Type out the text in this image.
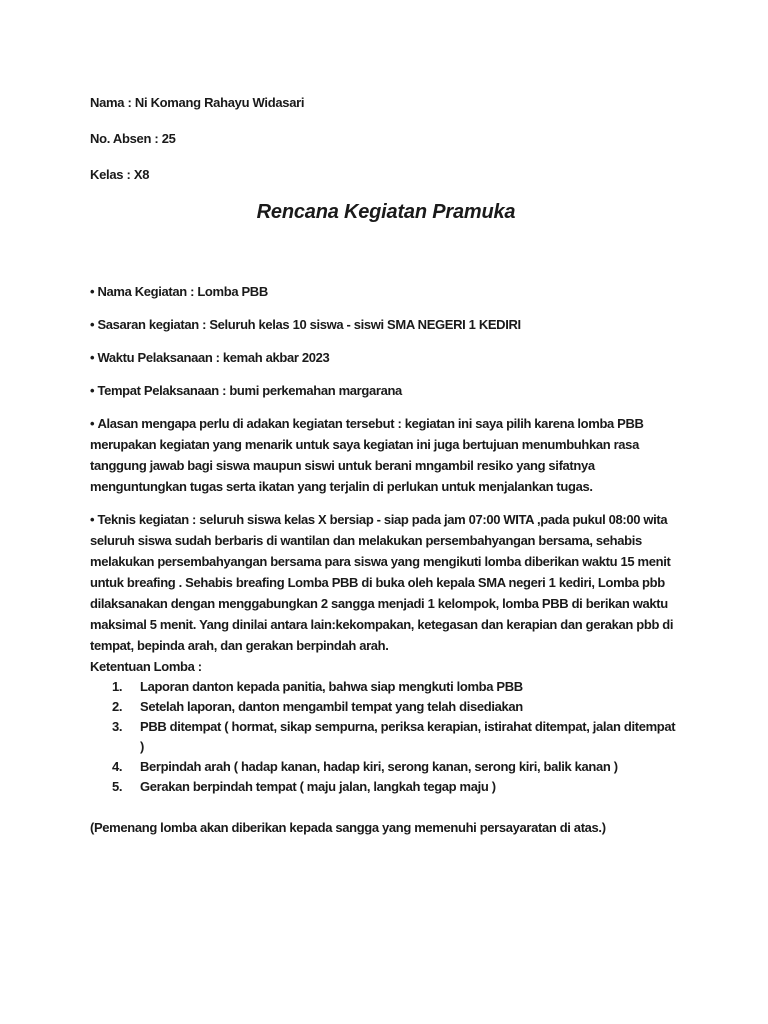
Nama : Ni Komang Rahayu Widasari

No. Absen : 25

Kelas : X8

Rencana Kegiatan Pramuka
• Nama Kegiatan : Lomba PBB
• Sasaran kegiatan : Seluruh kelas 10 siswa - siswi SMA NEGERI 1 KEDIRI
• Waktu Pelaksanaan : kemah akbar 2023
• Tempat Pelaksanaan : bumi perkemahan margarana
• Alasan mengapa perlu di adakan kegiatan tersebut : kegiatan ini saya pilih karena lomba PBB merupakan kegiatan yang menarik untuk saya kegiatan ini juga bertujuan menumbuhkan rasa tanggung jawab bagi siswa maupun siswi untuk berani mngambil resiko yang sifatnya menguntungkan tugas serta ikatan yang terjalin di perlukan untuk menjalankan tugas.
• Teknis kegiatan : seluruh siswa kelas X bersiap - siap pada jam 07:00 WITA ,pada pukul 08:00 wita seluruh siswa sudah berbaris di wantilan dan melakukan persembahyangan bersama, sehabis melakukan persembahyangan bersama para siswa yang mengikuti lomba diberikan waktu 15 menit untuk breafing . Sehabis breafing Lomba PBB di buka oleh kepala SMA negeri 1 kediri, Lomba pbb dilaksanakan dengan menggabungkan 2 sangga menjadi 1 kelompok, lomba PBB di berikan waktu maksimal 5 menit. Yang dinilai antara lain:kekompakan, ketegasan dan kerapian dan gerakan pbb di tempat, bepinda arah, dan gerakan berpindah arah.

Ketentuan Lomba :

Laporan danton kepada panitia, bahwa siap mengkuti lomba PBB
Setelah laporan, danton mengambil tempat yang telah disediakan
PBB ditempat ( hormat, sikap sempurna, periksa kerapian, istirahat ditempat, jalan ditempat )
Berpindah arah ( hadap kanan, hadap kiri, serong kanan, serong kiri, balik kanan )
Gerakan berpindah tempat ( maju jalan, langkah tegap maju )

(Pemenang lomba akan diberikan kepada sangga yang memenuhi persayaratan di atas.)
